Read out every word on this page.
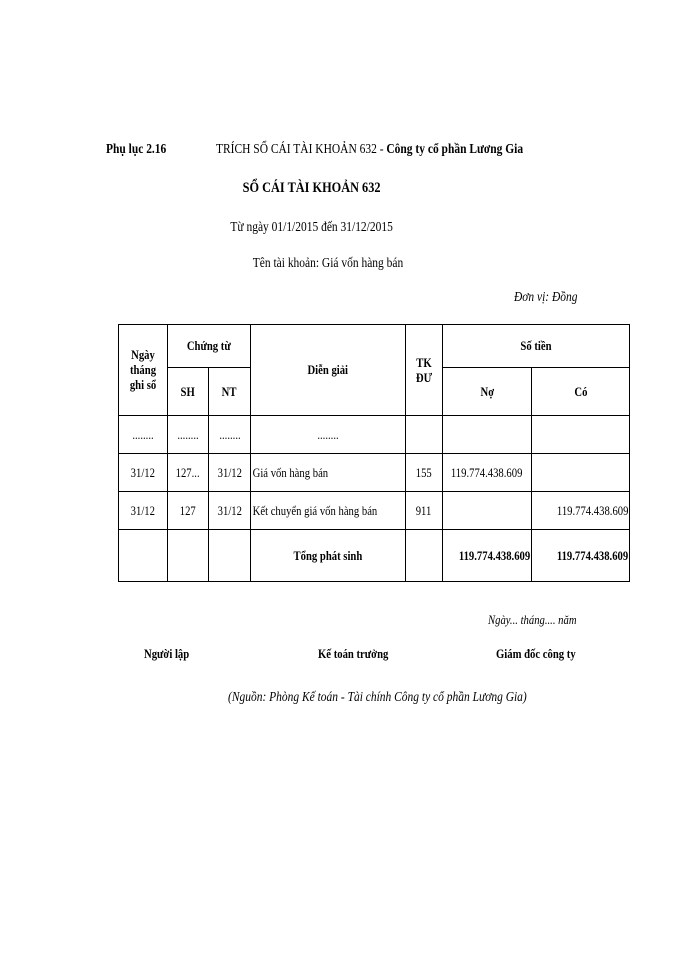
Phụ lục 2.16	TRÍCH SỔ CÁI TÀI KHOẢN 632 - Công ty cổ phần Lương Gia
SỔ CÁI TÀI KHOẢN 632
Từ ngày 01/1/2015 đến 31/12/2015
Tên tài khoản: Giá vốn hàng bán
Đơn vị: Đồng
Ngày tháng ghi sổ	Chứng từ		Diễn giải	TK ĐƯ	Số tiền	
	SH	NT			Nợ	Có
........	........	........	........			
31/12	127...	31/12	Giá vốn hàng bán	155	119.774.438.609	
31/12	127	31/12	Kết chuyển giá vốn hàng bán	911		119.774.438.609
			Tổng phát sinh		119.774.438.609	119.774.438.609
Ngày... tháng.... năm
Người lập	Kế toán trưởng	Giám đốc công ty
(Nguồn: Phòng Kế toán - Tài chính Công ty cổ phần Lương Gia)
